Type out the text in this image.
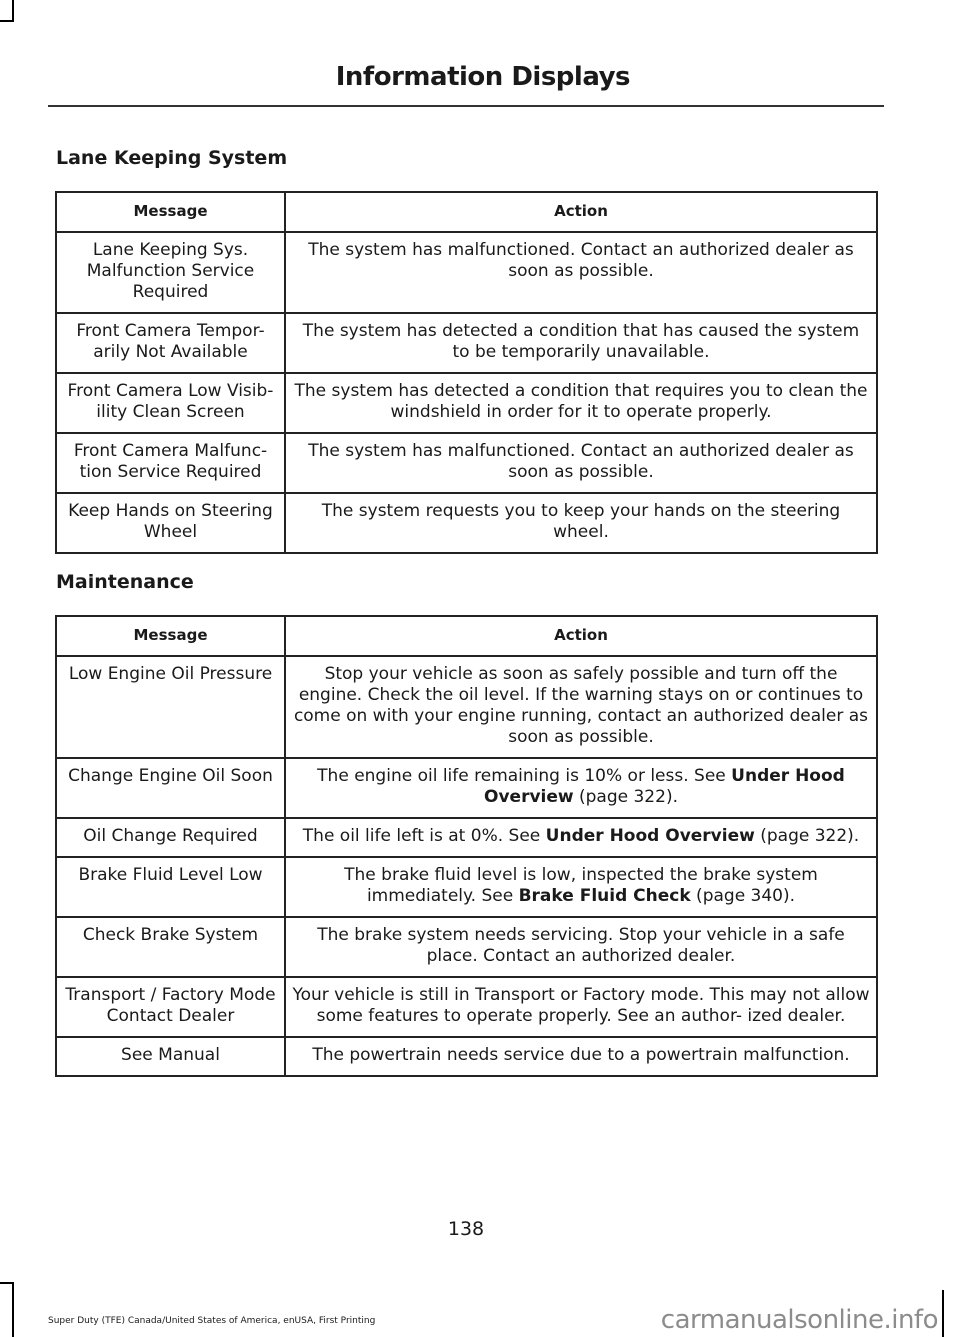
Information Displays
Lane Keeping System
Message	Action
Lane Keeping Sys. Malfunction Service Required	The system has malfunctioned. Contact an authorized dealer as soon as possible.
Front Camera Tempor- arily Not Available	The system has detected a condition that has caused the system to be temporarily unavailable.
Front Camera Low Visib- ility Clean Screen	The system has detected a condition that requires you to clean the windshield in order for it to operate properly.
Front Camera Malfunc- tion Service Required	The system has malfunctioned. Contact an authorized dealer as soon as possible.
Keep Hands on Steering Wheel	The system requests you to keep your hands on the steering wheel.
Maintenance
Message	Action
Low Engine Oil Pressure	Stop your vehicle as soon as safely possible and turn off the engine. Check the oil level. If the warning stays on or continues to come on with your engine running, contact an authorized dealer as soon as possible.
Change Engine Oil Soon	The engine oil life remaining is 10% or less. See Under Hood Overview (page 322).
Oil Change Required	The oil life left is at 0%. See Under Hood Overview (page 322).
Brake Fluid Level Low	The brake fluid level is low, inspected the brake system immediately. See Brake Fluid Check (page 340).
Check Brake System	The brake system needs servicing. Stop your vehicle in a safe place. Contact an authorized dealer.
Transport / Factory Mode Contact Dealer	Your vehicle is still in Transport or Factory mode. This may not allow some features to operate properly. See an author- ized dealer.
See Manual	The powertrain needs service due to a powertrain malfunction.
138
Super Duty (TFE) Canada/United States of America, enUSA, First Printing	carmanualsonline.info
